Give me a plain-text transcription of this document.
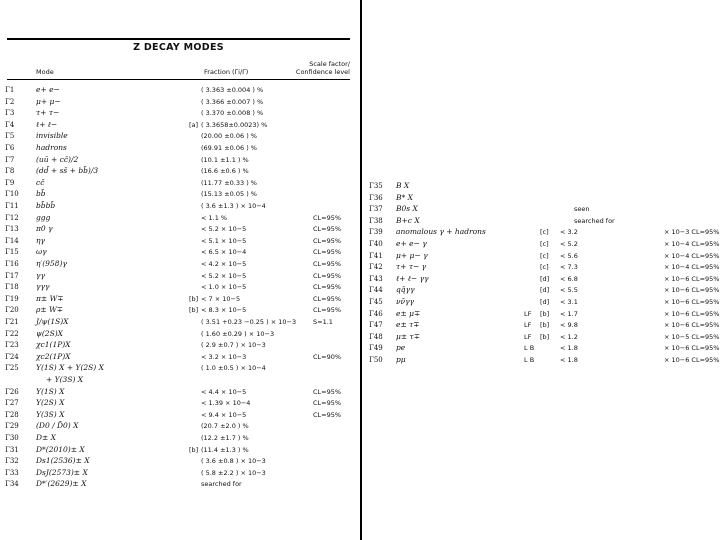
Z DECAY MODES
Mode	Fraction (Γi/Γ)
Scale factor/
Confidence level
Γ1	e+ e−	( 3.363 ±0.004 ) %
Γ2	μ+ μ−	( 3.366 ±0.007 ) %
Γ3	τ+ τ−	( 3.370 ±0.008 ) %
Γ4	ℓ+ ℓ−	[a] ( 3.3658±0.0023) %
Γ5	invisible	(20.00 ±0.06 ) %
Γ6	hadrons	(69.91 ±0.06 ) %
Γ7	(uū + cc̄)/2	(10.1 ±1.1 ) %
Γ8	(dd̄ + ss̄ + bb̄)/3	(16.6 ±0.6 ) %
Γ9	cc̄	(11.77 ±0.33 ) %
Γ10 bb̄	(15.13 ±0.05 ) %
Γ11 bb̄bb̄	( 3.6 ±1.3 ) × 10−4
Γ12 ggg	< 1.1 %	CL=95%
Γ13 π0 γ	< 5.2 × 10−5	CL=95%
Γ14 ηγ	< 5.1 × 10−5	CL=95%
Γ15 ωγ	< 6.5 × 10−4	CL=95%
Γ16 η′(958)γ	< 4.2 × 10−5	CL=95%
Γ17 γγ	< 5.2 × 10−5	CL=95%
Γ18 γγγ	< 1.0 × 10−5	CL=95%
Γ19 π± W∓	[b] < 7 × 10−5	CL=95%
Γ20 ρ± W∓	[b] < 8.3 × 10−5	CL=95%
Γ21 J/ψ(1S)X	( 3.51 +0.23 −0.25 ) × 10−3	S=1.1
Γ22 ψ(2S)X	( 1.60 ±0.29 ) × 10−3
Γ23 χc1(1P)X	( 2.9 ±0.7 ) × 10−3
Γ24 χc2(1P)X	< 3.2 × 10−3	CL=90%
Γ25 Υ(1S) X + Υ(2S) X	( 1.0 ±0.5 ) × 10−4
+ Υ(3S) X
Γ26 Υ(1S) X	< 4.4 × 10−5	CL=95%
Γ27 Υ(2S) X	< 1.39 × 10−4	CL=95%
Γ28 Υ(3S) X	< 9.4 × 10−5	CL=95%
Γ29 (D0 / D̄0) X	(20.7 ±2.0 ) %
Γ30 D± X	(12.2 ±1.7 ) %
Γ31 D*(2010)± X	[b] (11.4 ±1.3 ) %
Γ32 Ds1(2536)± X	( 3.6 ±0.8 ) × 10−3
Γ33 DsJ(2573)± X	( 5.8 ±2.2 ) × 10−3
Γ34 D*′(2629)± X	searched for
Γ35 B X
Γ36 B* X
Γ37 B0s X	seen
Γ38 B+c X	searched for
Γ39 anomalous γ + hadrons	[c] < 3.2	× 10−3 CL=95%
Γ40 e+ e− γ	[c] < 5.2	× 10−4 CL=95%
Γ41 μ+ μ− γ	[c] < 5.6	× 10−4 CL=95%
Γ42 τ+ τ− γ	[c] < 7.3	× 10−4 CL=95%
Γ43 ℓ+ ℓ− γγ	[d] < 6.8	× 10−6 CL=95%
Γ44 qq̄γγ	[d] < 5.5	× 10−6 CL=95%
Γ45 νν̄γγ	[d] < 3.1	× 10−6 CL=95%
Γ46 e± μ∓	LF [b] < 1.7	× 10−6 CL=95%
Γ47 e± τ∓	LF [b] < 9.8	× 10−6 CL=95%
Γ48 μ± τ∓	LF [b] < 1.2	× 10−5 CL=95%
Γ49 pe	L B	< 1.8	× 10−6 CL=95%
Γ50 pμ	L B	< 1.8	× 10−6 CL=95%
